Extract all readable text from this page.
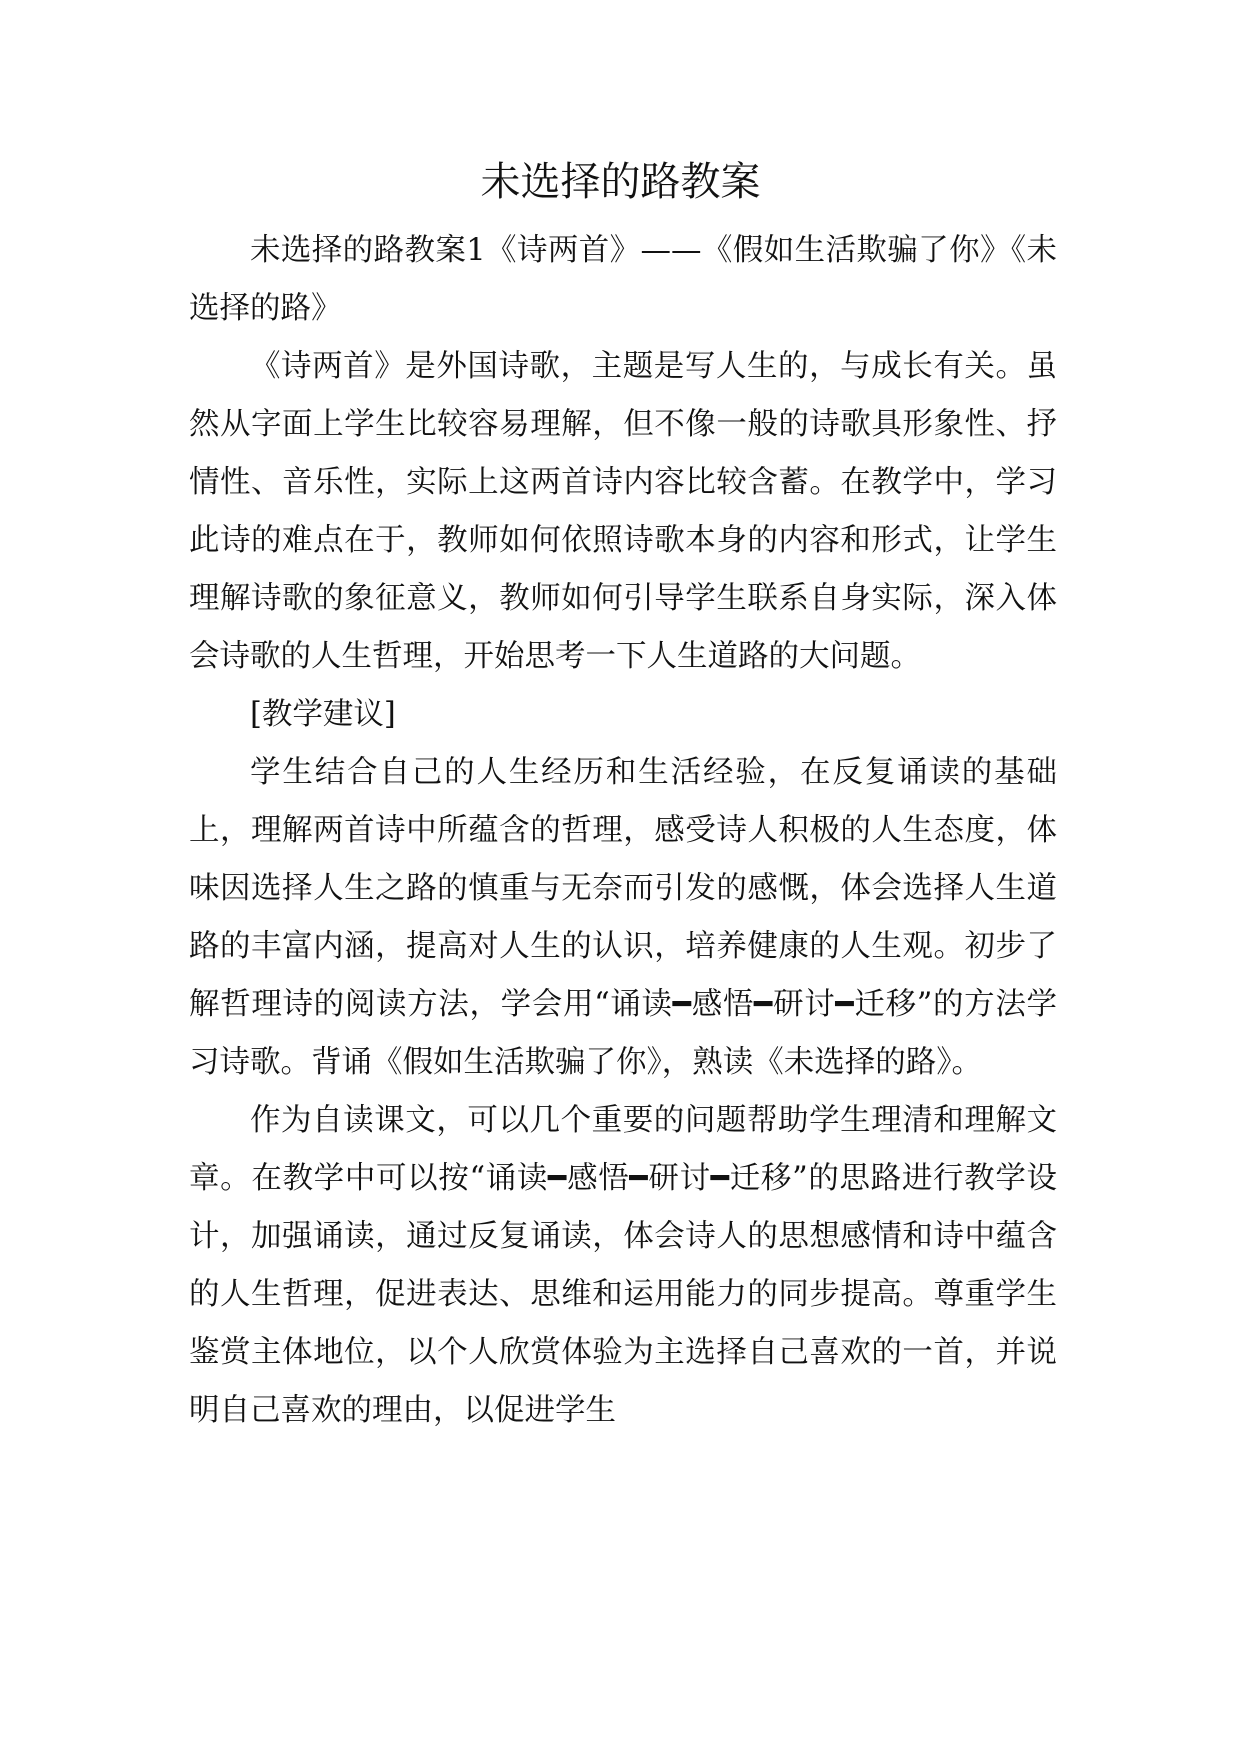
未选择的路教案

未选择的路教案1《诗两首》——《假如生活欺骗了你》《未选择的路》

《诗两首》是外国诗歌，主题是写人生的，与成长有关。虽然从字面上学生比较容易理解，但不像一般的诗歌具形象性、抒情性、音乐性，实际上这两首诗内容比较含蓄。在教学中，学习此诗的难点在于，教师如何依照诗歌本身的内容和形式，让学生理解诗歌的象征意义，教师如何引导学生联系自身实际，深入体会诗歌的人生哲理，开始思考一下人生道路的大问题。

[教学建议]

学生结合自己的人生经历和生活经验，在反复诵读的基础上，理解两首诗中所蕴含的哲理，感受诗人积极的人生态度，体味因选择人生之路的慎重与无奈而引发的感慨，体会选择人生道路的丰富内涵，提高对人生的认识，培养健康的人生观。初步了解哲理诗的阅读方法，学会用“诵读━感悟━研讨━迁移”的方法学习诗歌。背诵《假如生活欺骗了你》，熟读《未选择的路》。

作为自读课文，可以几个重要的问题帮助学生理清和理解文章。在教学中可以按“诵读━感悟━研讨━迁移”的思路进行教学设计，加强诵读，通过反复诵读，体会诗人的思想感情和诗中蕴含的人生哲理，促进表达、思维和运用能力的同步提高。尊重学生鉴赏主体地位，以个人欣赏体验为主选择自己喜欢的一首，并说明自己喜欢的理由，以促进学生
